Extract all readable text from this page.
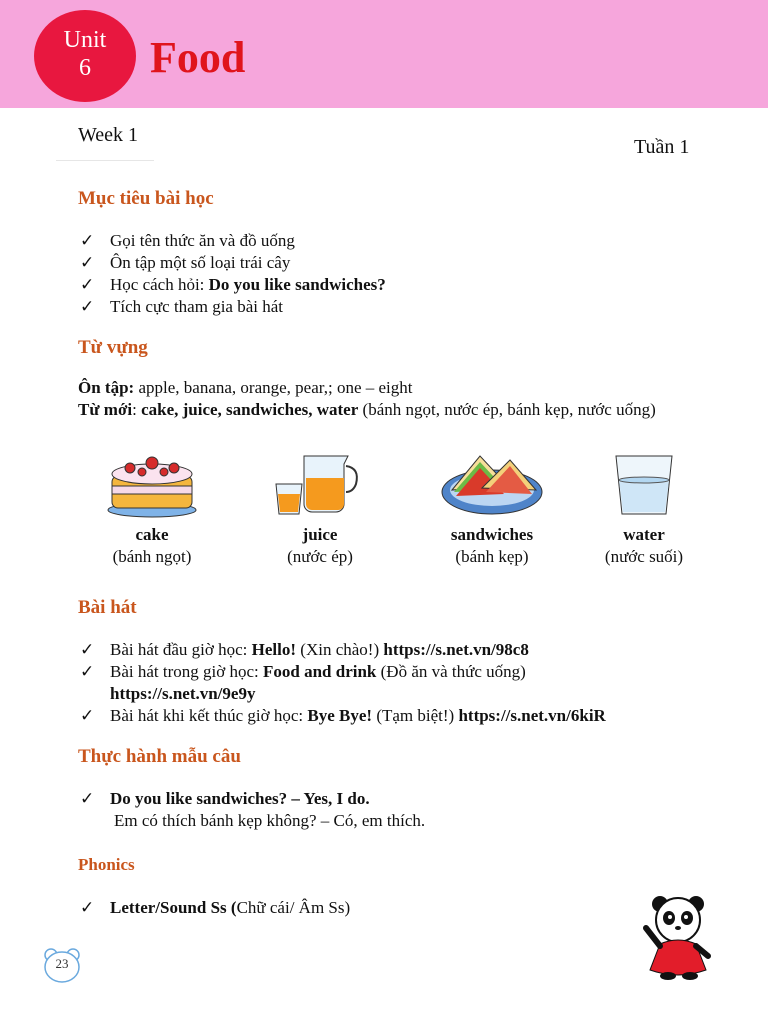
Unit
6	Food
Week 1
Tuần 1
Mục tiêu bài học
✓ Gọi tên thức ăn và đồ uống
✓ Ôn tập một số loại trái cây
✓ Học cách hỏi: Do you like sandwiches?
✓ Tích cực tham gia bài hát
Từ vựng
Ôn tập: apple, banana, orange, pear,; one – eight
Từ mới: cake, juice, sandwiches, water (bánh ngọt, nước ép, bánh kẹp, nước uống)
cake
(bánh ngọt)
juice
(nước ép)
sandwiches
(bánh kẹp)
water
(nước suối)
Bài hát
✓ Bài hát đầu giờ học: Hello! (Xin chào!) https://s.net.vn/98c8
✓ Bài hát trong giờ học: Food and drink (Đồ ăn và thức uống)
https://s.net.vn/9e9y
✓ Bài hát khi kết thúc giờ học: Bye Bye! (Tạm biệt!) https://s.net.vn/6kiR
Thực hành mẫu câu
✓ Do you like sandwiches? – Yes, I do.
Em có thích bánh kẹp không? – Có, em thích.
Phonics
✓ Letter/Sound Ss (Chữ cái/ Âm Ss)
23
